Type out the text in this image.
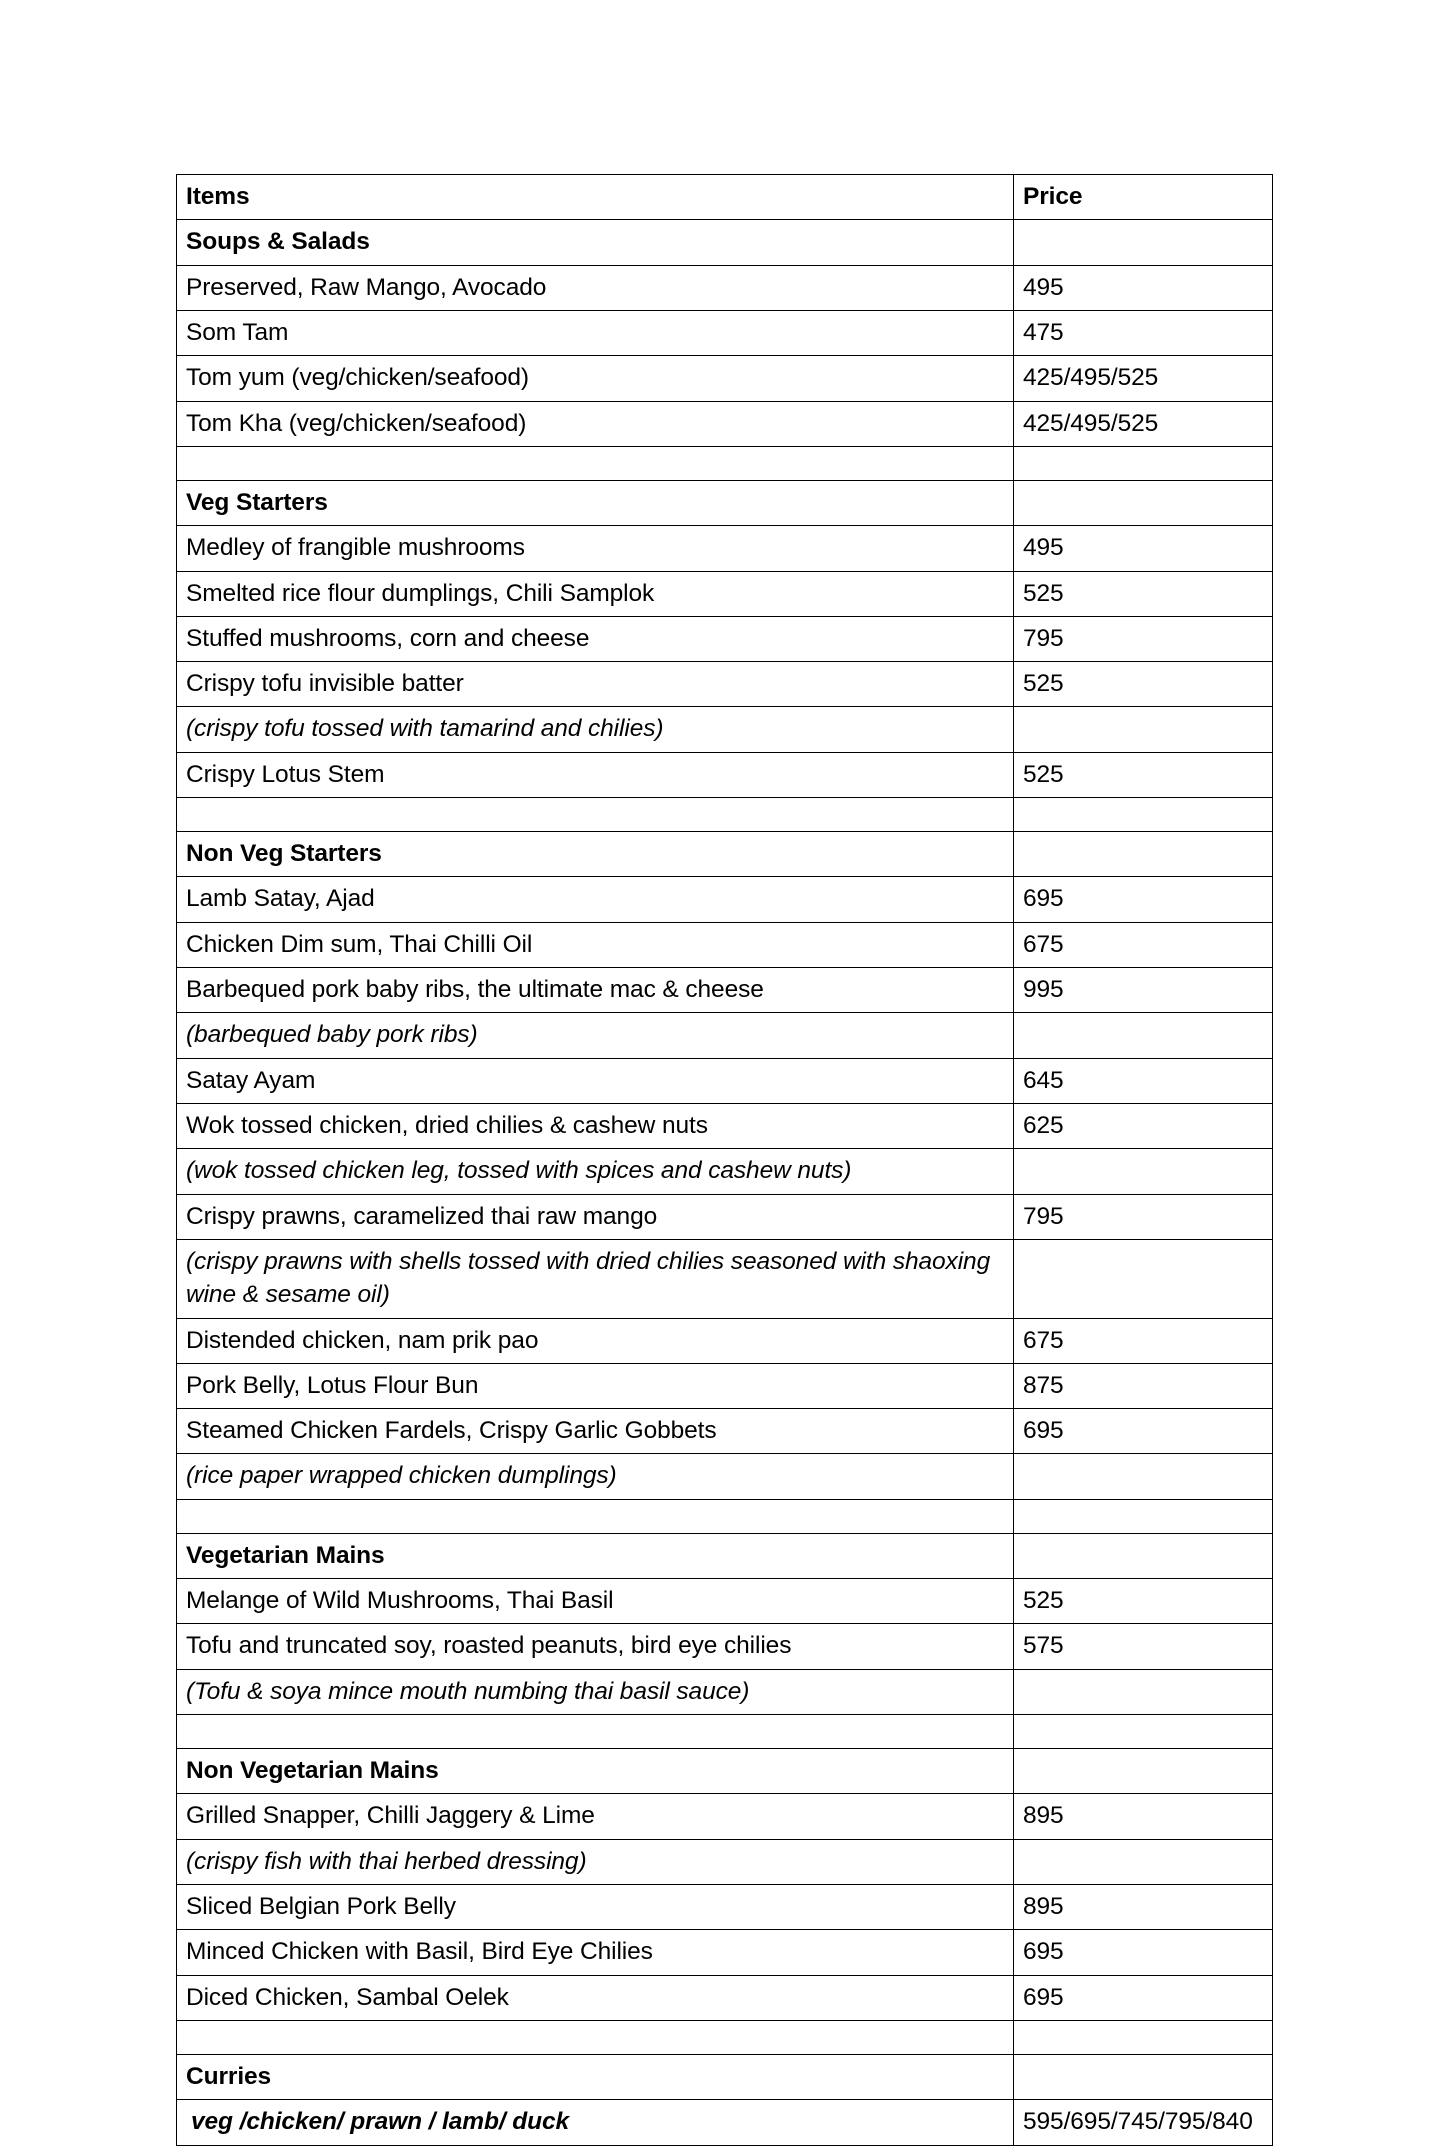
Items	Price
Soups & Salads	
Preserved, Raw Mango, Avocado	495
Som Tam	475
Tom yum (veg/chicken/seafood)	425/495/525
Tom Kha (veg/chicken/seafood)	425/495/525

Veg Starters	
Medley of frangible mushrooms	495
Smelted rice flour dumplings, Chili Samplok	525
Stuffed mushrooms, corn and cheese	795
Crispy tofu invisible batter	525
(crispy tofu tossed with tamarind and chilies)	
Crispy Lotus Stem	525

Non Veg Starters	
Lamb Satay, Ajad	695
Chicken Dim sum, Thai Chilli Oil	675
Barbequed pork baby ribs, the ultimate mac & cheese	995
(barbequed baby pork ribs)	
Satay Ayam	645
Wok tossed chicken, dried chilies & cashew nuts	625
(wok tossed chicken leg, tossed with spices and cashew nuts)	
Crispy prawns, caramelized thai raw mango	795
(crispy prawns with shells tossed with dried chilies seasoned with shaoxing wine & sesame oil)	
Distended chicken, nam prik pao	675
Pork Belly, Lotus Flour Bun	875
Steamed Chicken Fardels, Crispy Garlic Gobbets	695
(rice paper wrapped chicken dumplings)	

Vegetarian Mains	
Melange of Wild Mushrooms, Thai Basil	525
Tofu and truncated soy, roasted peanuts, bird eye chilies	575
(Tofu & soya mince mouth numbing thai basil sauce)	

Non Vegetarian Mains	
Grilled Snapper, Chilli Jaggery & Lime	895
(crispy fish with thai herbed dressing)	
Sliced Belgian Pork Belly	895
Minced Chicken with Basil, Bird Eye Chilies	695
Diced Chicken, Sambal Oelek	695

Curries	
veg /chicken/ prawn / lamb/ duck	595/695/745/795/840
